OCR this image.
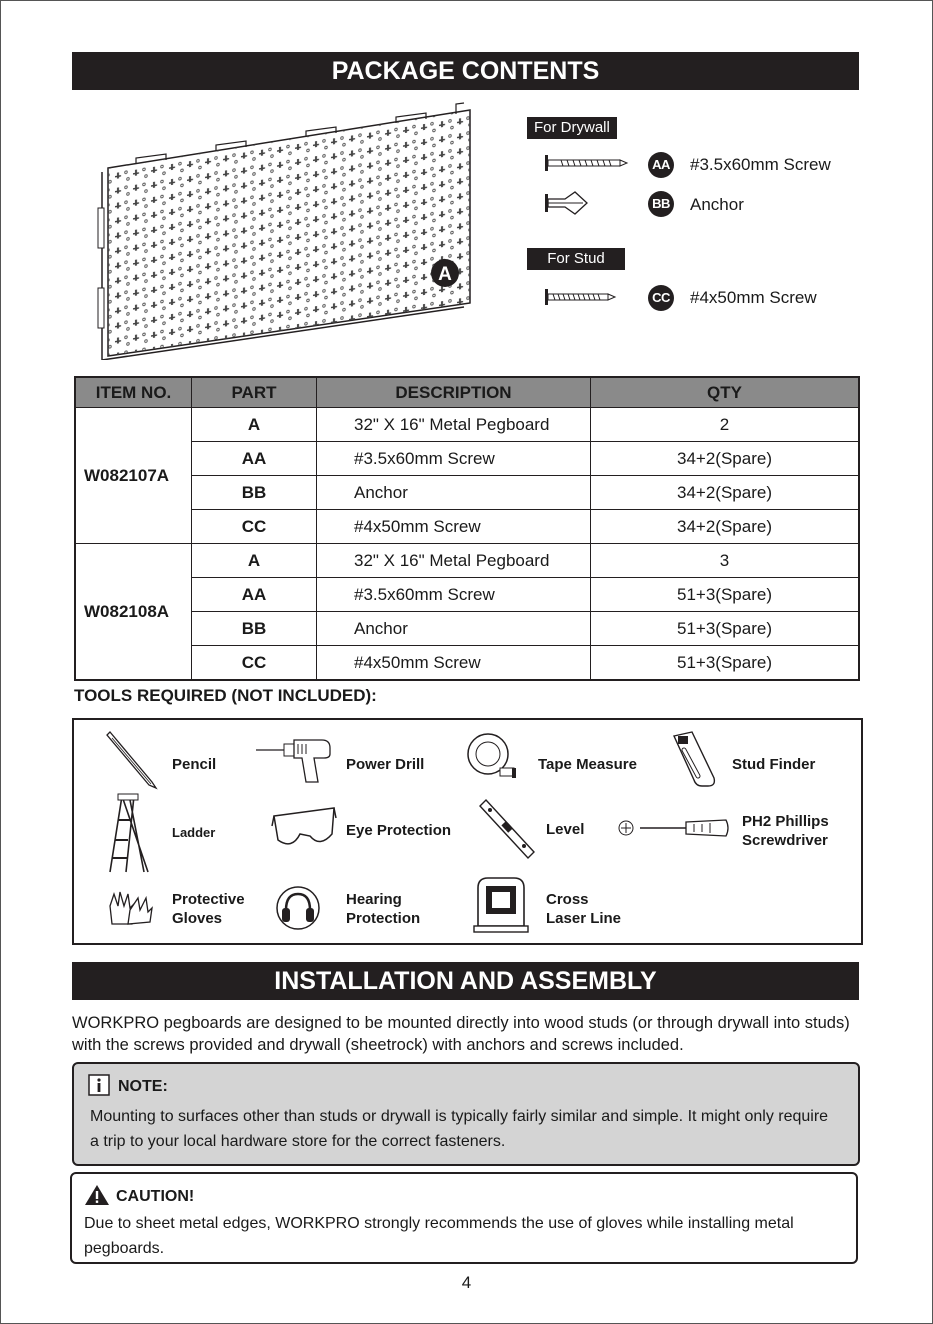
PACKAGE CONTENTS
A
For Drywall
For Stud
AA #3.5x60mm Screw
BB Anchor
CC #4x50mm Screw
ITEM NO.	PART	DESCRIPTION	QTY
W082107A	A	32" X 16" Metal Pegboard	2
	AA	#3.5x60mm Screw	34+2(Spare)
	BB	Anchor	34+2(Spare)
	CC	#4x50mm Screw	34+2(Spare)
W082108A	A	32" X 16" Metal Pegboard	3
	AA	#3.5x60mm Screw	51+3(Spare)
	BB	Anchor	51+3(Spare)
	CC	#4x50mm Screw	51+3(Spare)
TOOLS REQUIRED (NOT INCLUDED):
Pencil	Power Drill	Tape Measure	Stud Finder
Ladder	Eye Protection	Level	PH2 Phillips
Screwdriver
Protective
Gloves
Hearing
Protection
Cross
Laser Line
INSTALLATION AND ASSEMBLY
WORKPRO pegboards are designed to be mounted directly into wood studs (or through drywall into studs) with the screws provided and drywall (sheetrock) with anchors and screws included.
NOTE:
Mounting to surfaces other than studs or drywall is typically fairly similar and simple. It might only require a trip to your local hardware store for the correct fasteners.
CAUTION!
Due to sheet metal edges, WORKPRO strongly recommends the use of gloves while installing metal pegboards.
4
